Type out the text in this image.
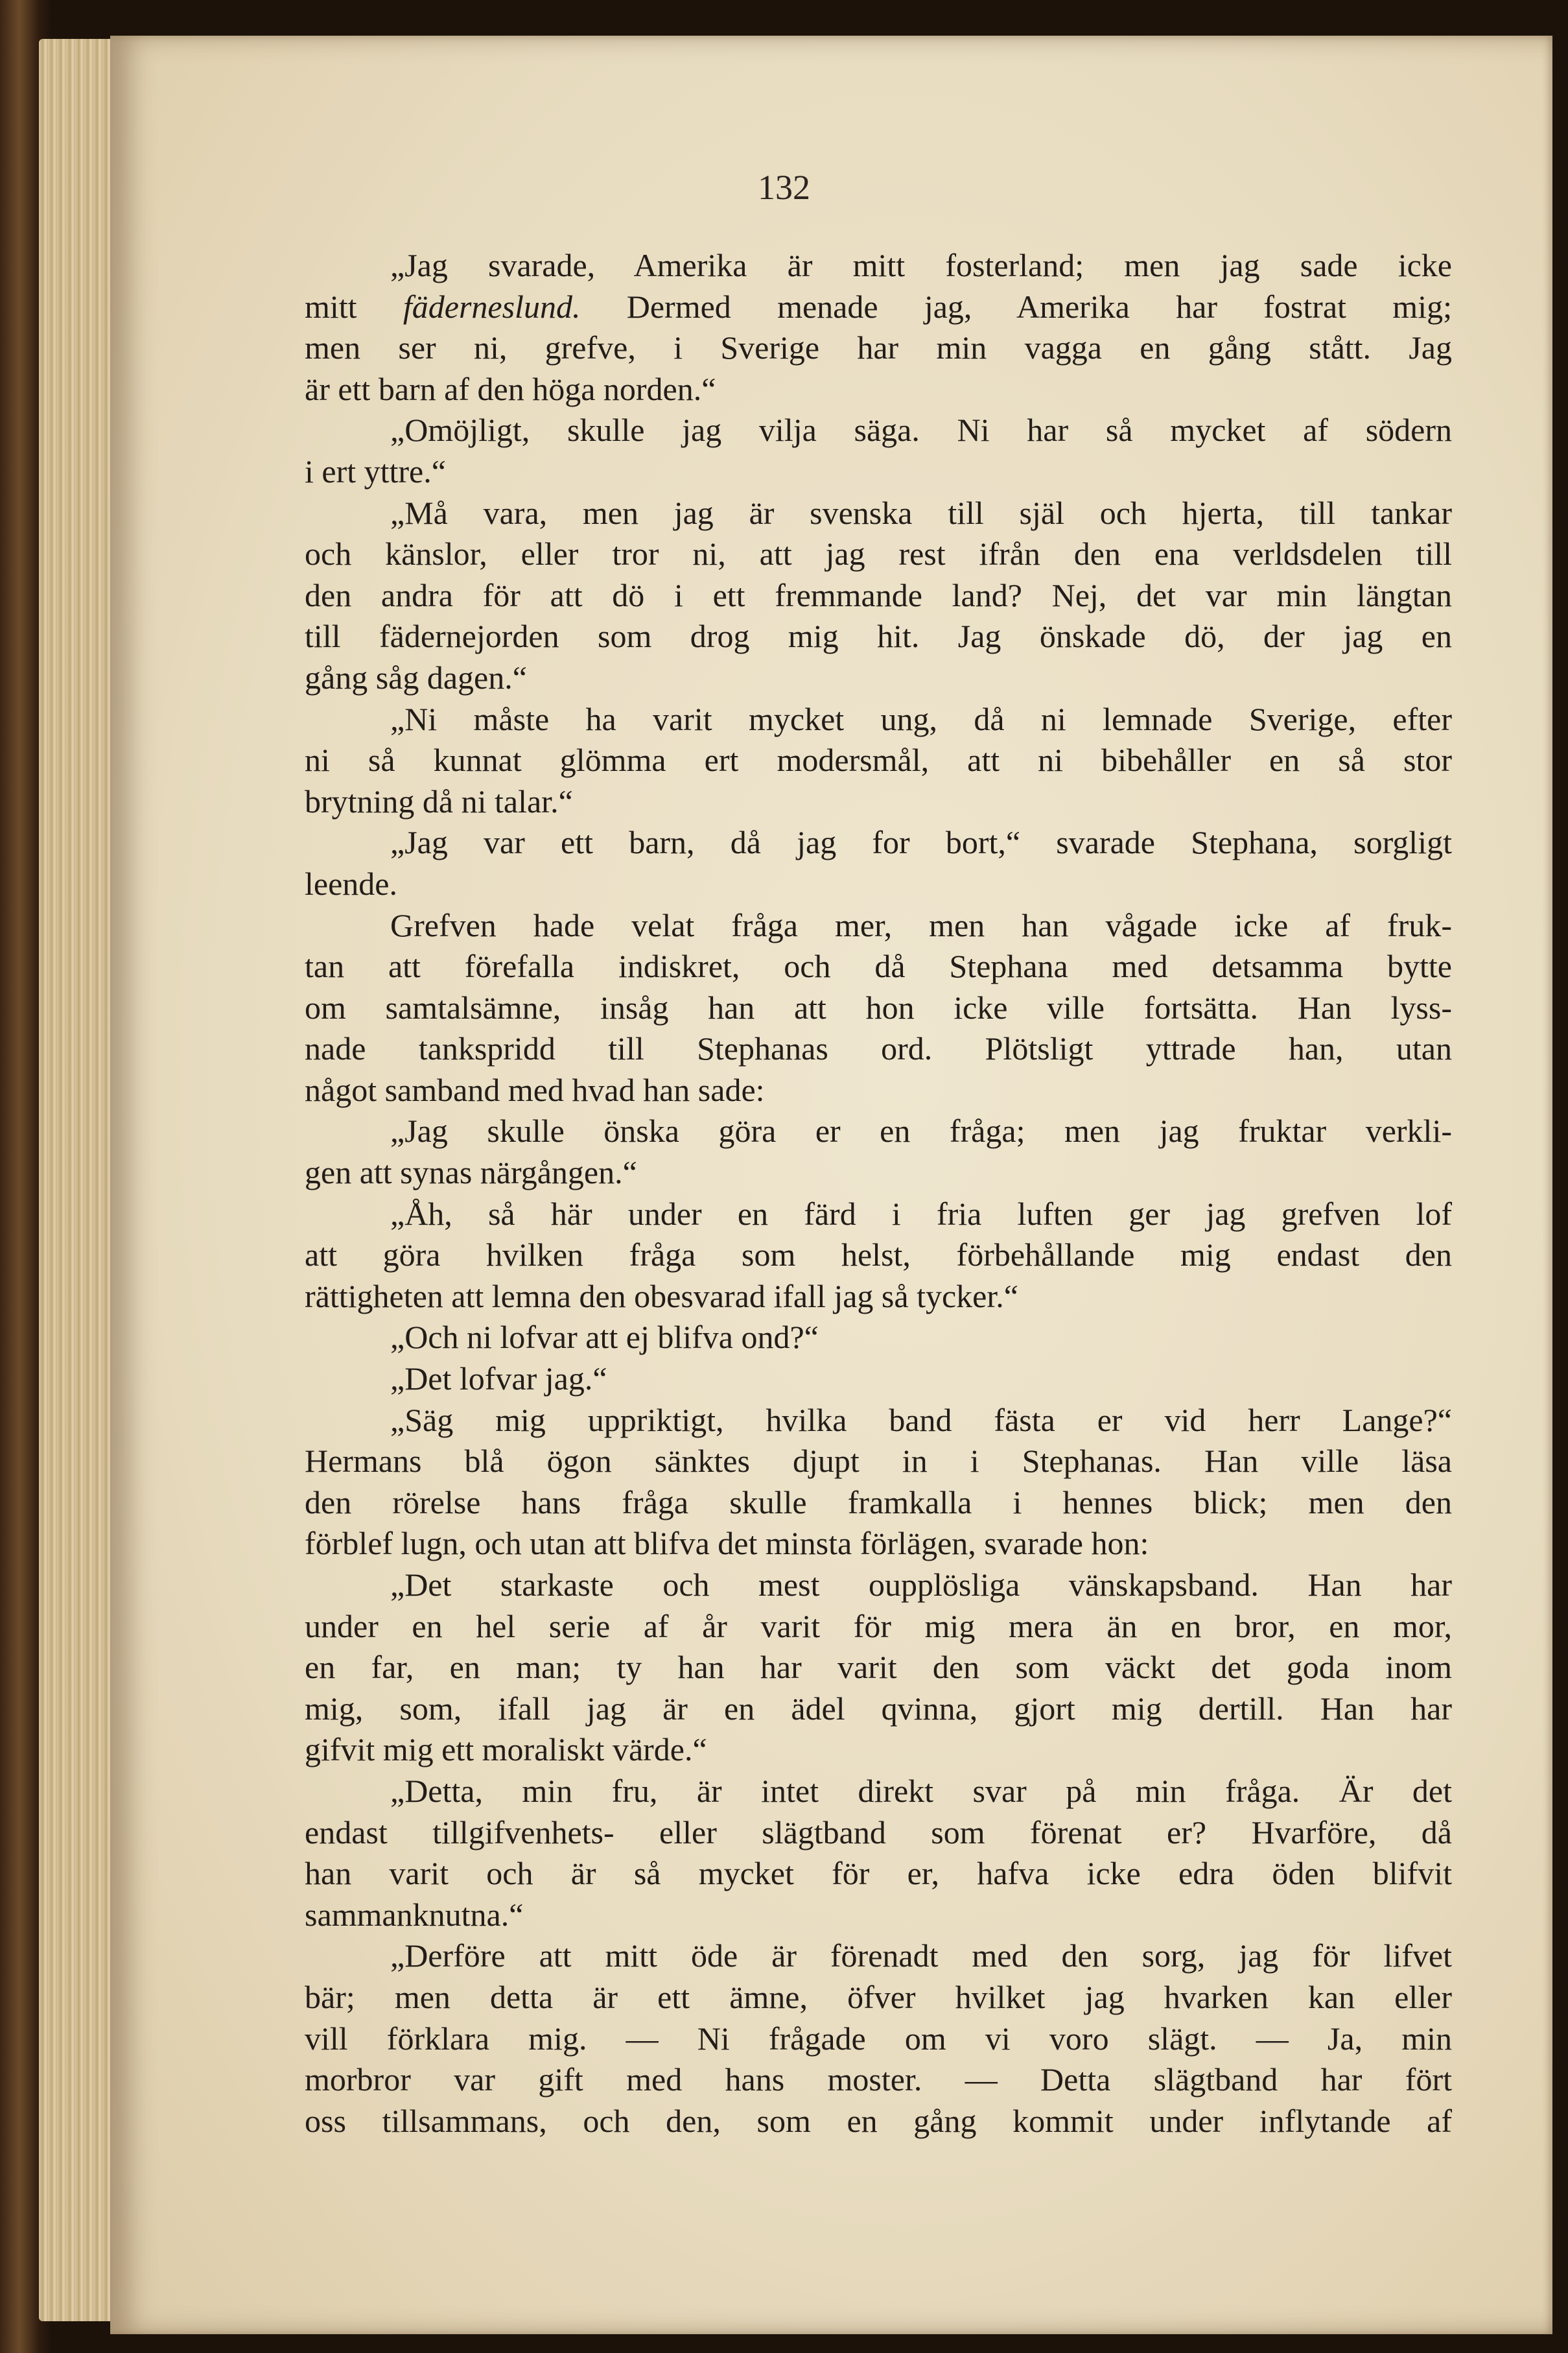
132
„Jag svarade, Amerika är mitt fosterland; men jag sade icke
mitt fäderneslund. Dermed menade jag, Amerika har fostrat mig;
men ser ni, grefve, i Sverige har min vagga en gång stått. Jag
är ett barn af den höga norden.“
„Omöjligt, skulle jag vilja säga. Ni har så mycket af södern
i ert yttre.“
„Må vara, men jag är svenska till själ och hjerta, till tankar
och känslor, eller tror ni, att jag rest ifrån den ena verldsdelen till
den andra för att dö i ett fremmande land? Nej, det var min längtan
till fädernejorden som drog mig hit. Jag önskade dö, der jag en
gång såg dagen.“
„Ni måste ha varit mycket ung, då ni lemnade Sverige, efter
ni så kunnat glömma ert modersmål, att ni bibehåller en så stor
brytning då ni talar.“
„Jag var ett barn, då jag for bort,“ svarade Stephana, sorgligt
leende.
Grefven hade velat fråga mer, men han vågade icke af fruk-
tan att förefalla indiskret, och då Stephana med detsamma bytte
om samtalsämne, insåg han att hon icke ville fortsätta. Han lyss-
nade tankspridd till Stephanas ord. Plötsligt yttrade han, utan
något samband med hvad han sade:
„Jag skulle önska göra er en fråga; men jag fruktar verkli-
gen att synas närgången.“
„Åh, så här under en färd i fria luften ger jag grefven lof
att göra hvilken fråga som helst, förbehållande mig endast den
rättigheten att lemna den obesvarad ifall jag så tycker.“
„Och ni lofvar att ej blifva ond?“
„Det lofvar jag.“
„Säg mig uppriktigt, hvilka band fästa er vid herr Lange?“
Hermans blå ögon sänktes djupt in i Stephanas. Han ville läsa
den rörelse hans fråga skulle framkalla i hennes blick; men den
förblef lugn, och utan att blifva det minsta förlägen, svarade hon:
„Det starkaste och mest oupplösliga vänskapsband. Han har
under en hel serie af år varit för mig mera än en bror, en mor,
en far, en man; ty han har varit den som väckt det goda inom
mig, som, ifall jag är en ädel qvinna, gjort mig dertill. Han har
gifvit mig ett moraliskt värde.“
„Detta, min fru, är intet direkt svar på min fråga. Är det
endast tillgifvenhets- eller slägtband som förenat er? Hvarföre, då
han varit och är så mycket för er, hafva icke edra öden blifvit
sammanknutna.“
„Derföre att mitt öde är förenadt med den sorg, jag för lifvet
bär; men detta är ett ämne, öfver hvilket jag hvarken kan eller
vill förklara mig. — Ni frågade om vi voro slägt. — Ja, min
morbror var gift med hans moster. — Detta slägtband har fört
oss tillsammans, och den, som en gång kommit under inflytande af
